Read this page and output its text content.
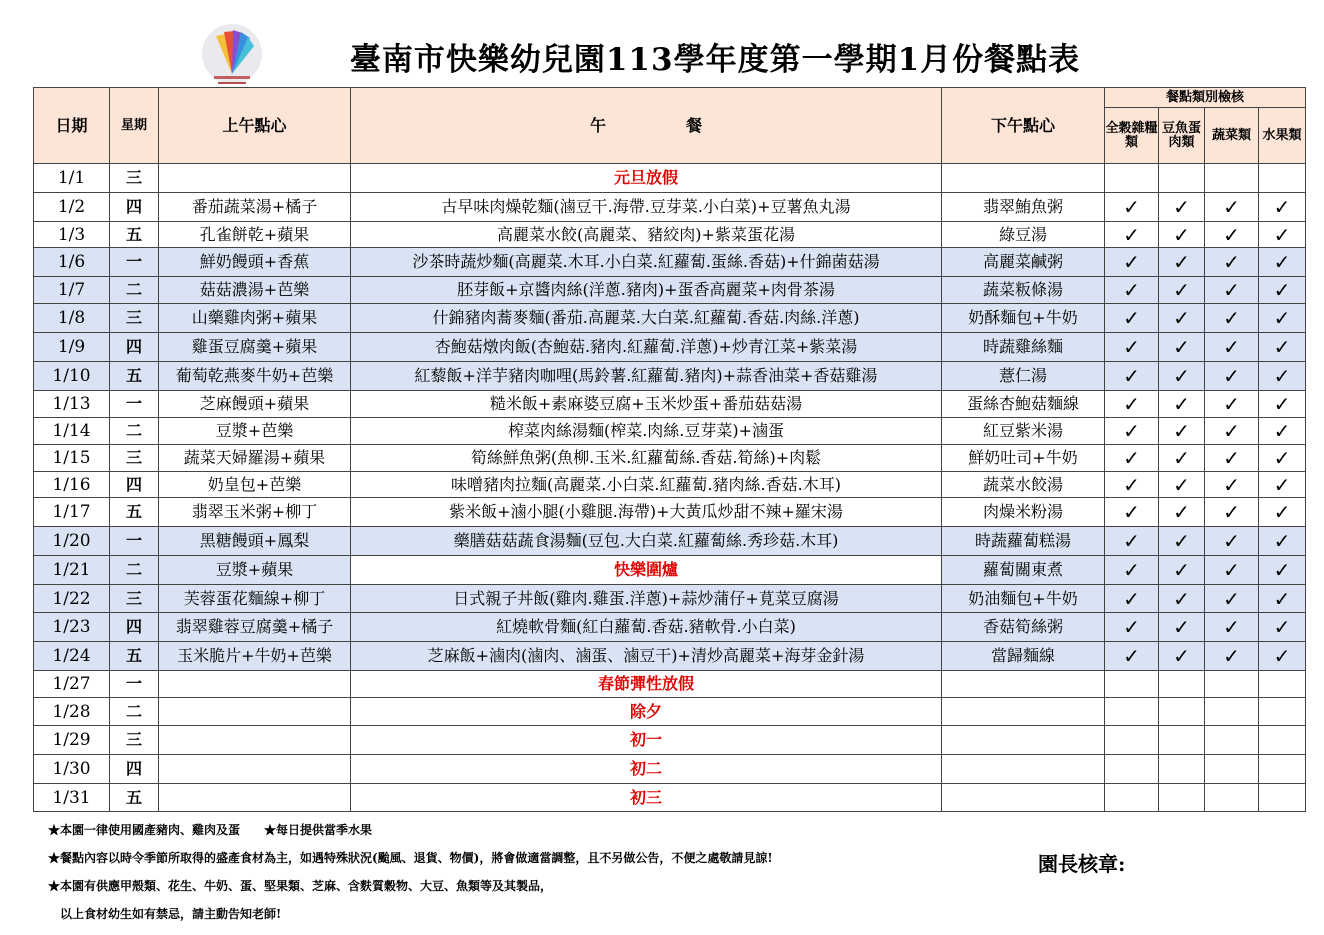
臺南市快樂幼兒園113學年度第一學期1月份餐點表
日期	星期	上午點心	午　　　　　餐	下午點心	餐點類別檢核			
					全穀雜糧類	豆魚蛋肉類	蔬菜類	水果類
1/1	三		元旦放假					
1/2	四	番茄蔬菜湯+橘子	古早味肉燥乾麵(滷豆干.海帶.豆芽菜.小白菜)+豆薯魚丸湯	翡翠鮪魚粥	✓	✓	✓	✓
1/3	五	孔雀餅乾+蘋果	高麗菜水餃(高麗菜、豬絞肉)+紫菜蛋花湯	綠豆湯	✓	✓	✓	✓
1/6	一	鮮奶饅頭+香蕉	沙茶時蔬炒麵(高麗菜.木耳.小白菜.紅蘿蔔.蛋絲.香菇)+什錦菌菇湯	高麗菜鹹粥	✓	✓	✓	✓
1/7	二	菇菇濃湯+芭樂	胚芽飯+京醬肉絲(洋蔥.豬肉)+蛋香高麗菜+肉骨茶湯	蔬菜粄條湯	✓	✓	✓	✓
1/8	三	山藥雞肉粥+蘋果	什錦豬肉蕎麥麵(番茄.高麗菜.大白菜.紅蘿蔔.香菇.肉絲.洋蔥)	奶酥麵包+牛奶	✓	✓	✓	✓
1/9	四	雞蛋豆腐羹+蘋果	杏鮑菇燉肉飯(杏鮑菇.豬肉.紅蘿蔔.洋蔥)+炒青江菜+紫菜湯	時蔬雞絲麵	✓	✓	✓	✓
1/10	五	葡萄乾燕麥牛奶+芭樂	紅藜飯+洋芋豬肉咖哩(馬鈴薯.紅蘿蔔.豬肉)+蒜香油菜+香菇雞湯	薏仁湯	✓	✓	✓	✓
1/13	一	芝麻饅頭+蘋果	糙米飯+素麻婆豆腐+玉米炒蛋+番茄菇菇湯	蛋絲杏鮑菇麵線	✓	✓	✓	✓
1/14	二	豆漿+芭樂	榨菜肉絲湯麵(榨菜.肉絲.豆芽菜)+滷蛋	紅豆紫米湯	✓	✓	✓	✓
1/15	三	蔬菜天婦羅湯+蘋果	筍絲鮮魚粥(魚柳.玉米.紅蘿蔔絲.香菇.筍絲)+肉鬆	鮮奶吐司+牛奶	✓	✓	✓	✓
1/16	四	奶皇包+芭樂	味噌豬肉拉麵(高麗菜.小白菜.紅蘿蔔.豬肉絲.香菇.木耳)	蔬菜水餃湯	✓	✓	✓	✓
1/17	五	翡翠玉米粥+柳丁	紫米飯+滷小腿(小雞腿.海帶)+大黃瓜炒甜不辣+羅宋湯	肉燥米粉湯	✓	✓	✓	✓
1/20	一	黑糖饅頭+鳳梨	藥膳菇菇蔬食湯麵(豆包.大白菜.紅蘿蔔絲.秀珍菇.木耳)	時蔬蘿蔔糕湯	✓	✓	✓	✓
1/21	二	豆漿+蘋果	快樂圍爐	蘿蔔關東煮	✓	✓	✓	✓
1/22	三	芙蓉蛋花麵線+柳丁	日式親子丼飯(雞肉.雞蛋.洋蔥)+蒜炒蒲仔+莧菜豆腐湯	奶油麵包+牛奶	✓	✓	✓	✓
1/23	四	翡翠雞蓉豆腐羹+橘子	紅燒軟骨麵(紅白蘿蔔.香菇.豬軟骨.小白菜)	香菇筍絲粥	✓	✓	✓	✓
1/24	五	玉米脆片+牛奶+芭樂	芝麻飯+滷肉(滷肉、滷蛋、滷豆干)+清炒高麗菜+海芽金針湯	當歸麵線	✓	✓	✓	✓
1/27	一		春節彈性放假					
1/28	二		除夕					
1/29	三		初一					
1/30	四		初二					
1/31	五		初三					
★本園一律使用國產豬肉、雞肉及蛋　　★每日提供當季水果
★餐點內容以時令季節所取得的盛產食材為主，如遇特殊狀況(颱風、退貨、物價)，將會做適當調整，且不另做公告，不便之處敬請見諒!
★本園有供應甲殼類、花生、牛奶、蛋、堅果類、芝麻、含麩質穀物、大豆、魚類等及其製品，
　以上食材幼生如有禁忌，請主動告知老師!
園長核章:
